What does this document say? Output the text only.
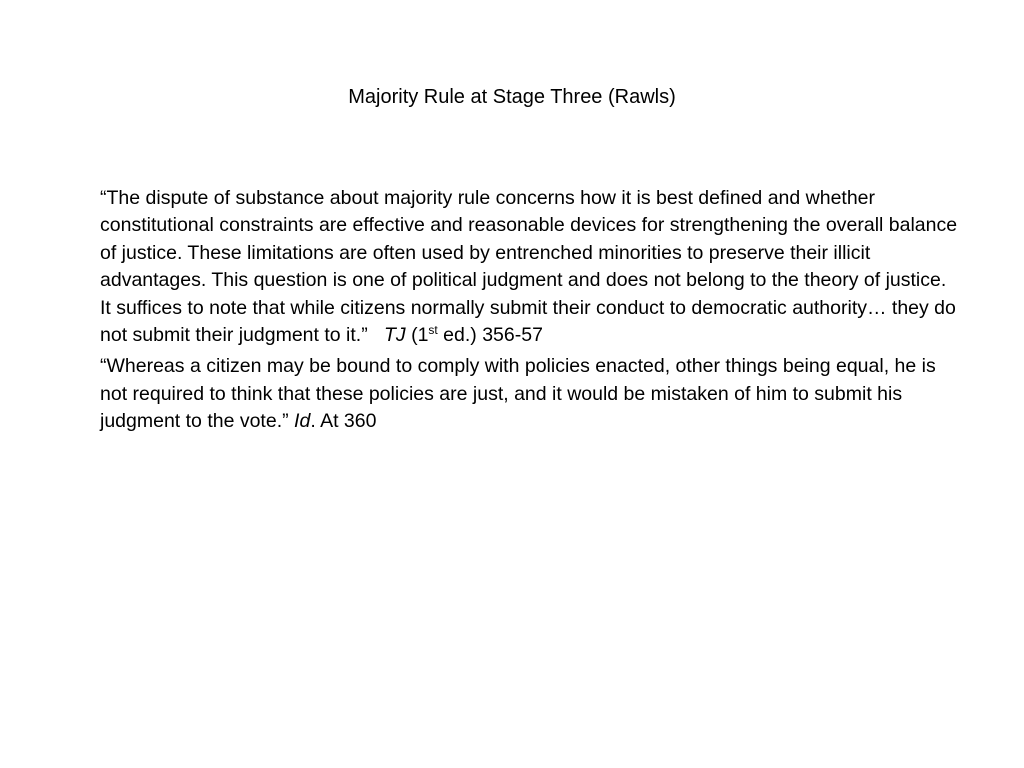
Majority Rule at Stage Three (Rawls)

“The dispute of substance about majority rule concerns how it is best defined and whether constitutional constraints are effective and reasonable devices for strengthening the overall balance of justice. These limitations are often used by entrenched minorities to preserve their illicit advantages. This question is one of political judgment and does not belong to the theory of justice. It suffices to note that while citizens normally submit their conduct to democratic authority… they do not submit their judgment to it.” TJ (1st ed.) 356-57

“Whereas a citizen may be bound to comply with policies enacted, other things being equal, he is not required to think that these policies are just, and it would be mistaken of him to submit his judgment to the vote.” Id. At 360
